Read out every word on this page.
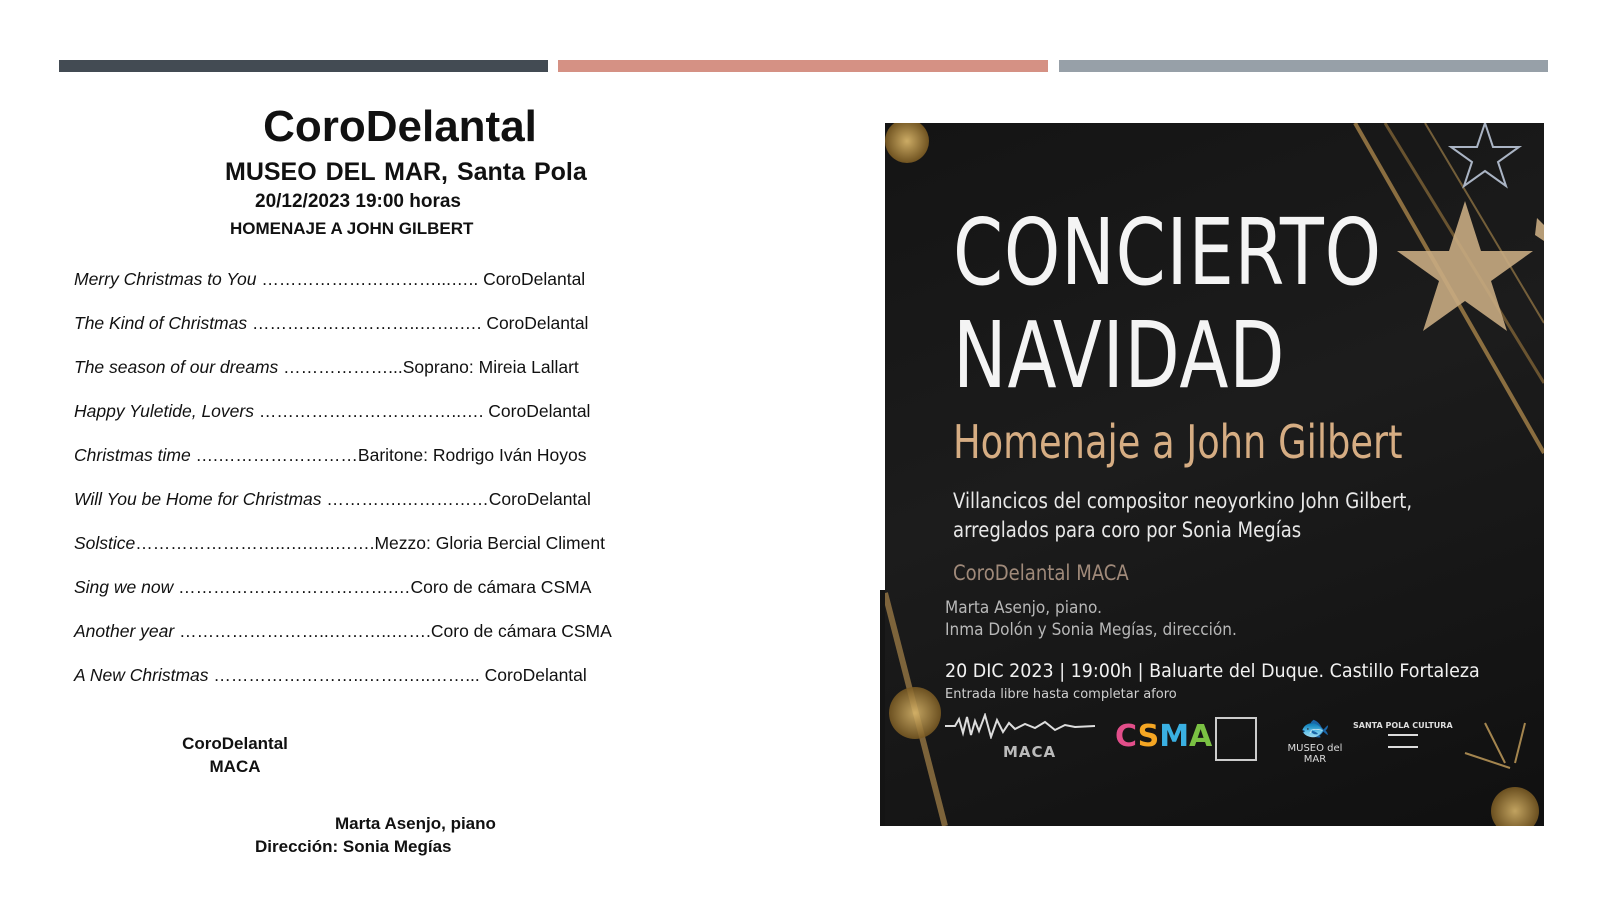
CoroDelantal
MUSEO DEL MAR, Santa Pola
20/12/2023 19:00 horas
HOMENAJE A JOHN GILBERT
Merry Christmas to You …………………………...….. CoroDelantal
The Kind of Christmas ………………………..…….…. CoroDelantal
The season of our dreams ………………...Soprano: Mireia Lallart
Happy Yuletide, Lovers ……………………………..…. CoroDelantal
Christmas time ….……………………Baritone: Rodrigo Iván Hoyos
Will You be Home for Christmas ………….……………CoroDelantal
Solstice……………………..….…..…….Mezzo: Gloria Bercial Climent
Sing we now ……………………………….…Coro de cámara CSMA
Another year ……………………..………..…….Coro de cámara CSMA
A New Christmas ……………………..…….…..……... CoroDelantal
CoroDelantal
MACA
Marta Asenjo, piano
Dirección: Sonia Megías
CONCIERTO
NAVIDAD
Homenaje a John Gilbert
Villancicos del compositor neoyorkino John Gilbert,
arreglados para coro por Sonia Megías
CoroDelantal MACA
Marta Asenjo, piano.
Inma Dolón y Sonia Megías, dirección.
20 DIC 2023 | 19:00h | Baluarte del Duque. Castillo Fortaleza
Entrada libre hasta completar aforo
MACA	CSMA	🐟
MUSEO del MAR
SANTA POLA CULTURA
